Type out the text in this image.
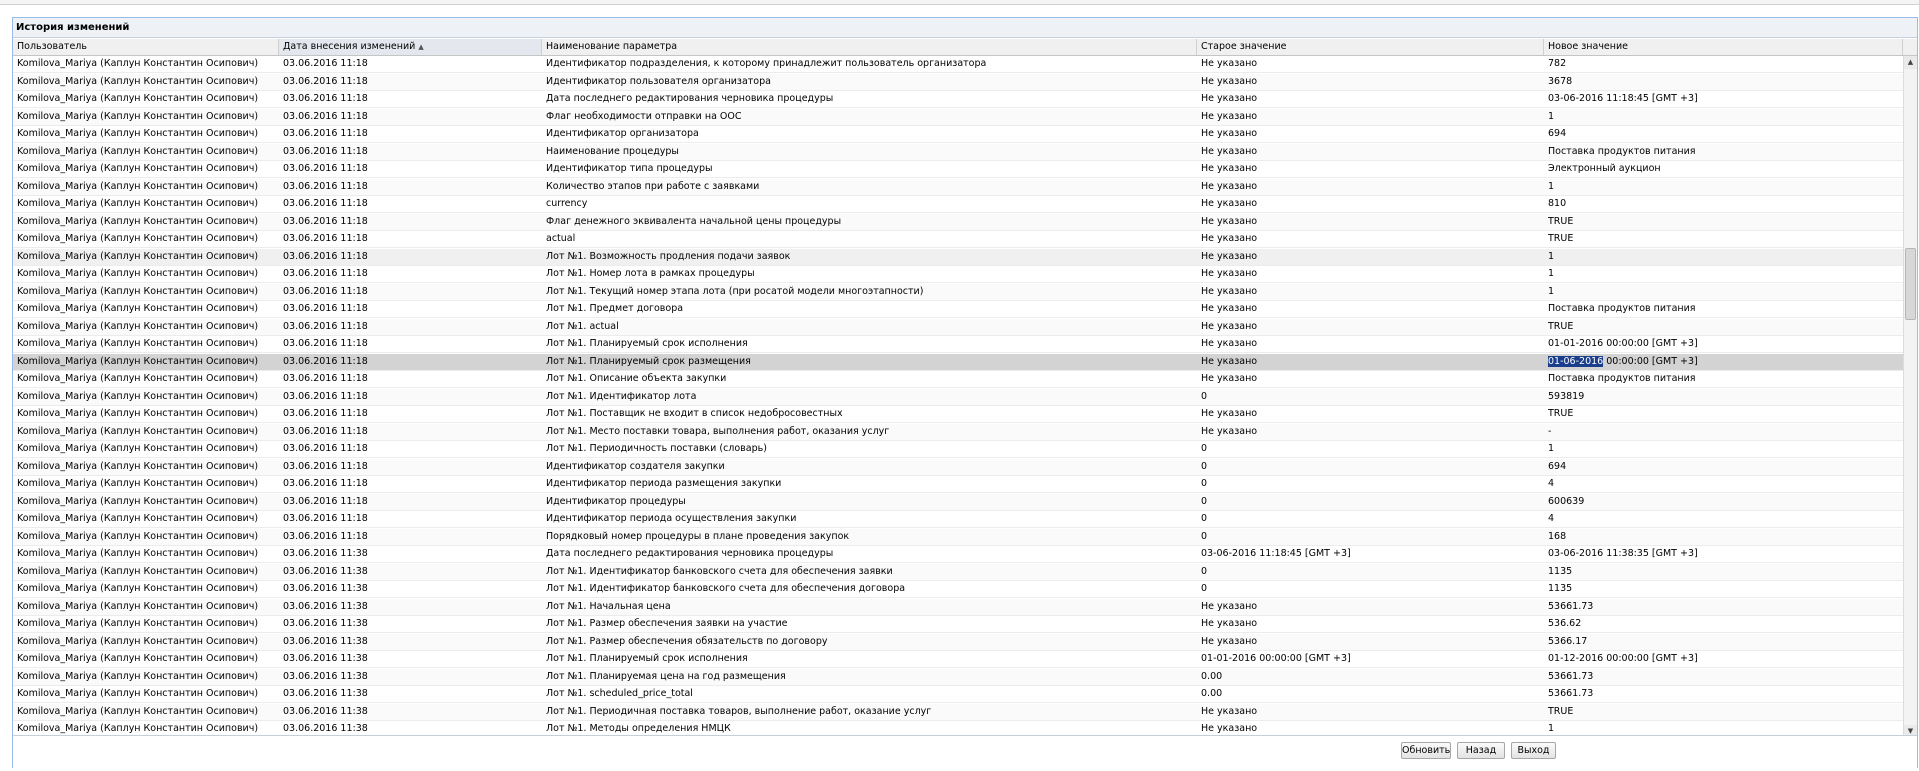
История изменений
Пользователь	Дата внесения изменений ▲	Наименование параметра	Старое значение	Новое значение
Komilova_Mariya (Каплун Константин Осипович)	03.06.2016 11:18	Идентификатор подразделения, к которому принадлежит пользователь организатора	Не указано	782
Komilova_Mariya (Каплун Константин Осипович)	03.06.2016 11:18	Идентификатор пользователя организатора	Не указано	3678
Komilova_Mariya (Каплун Константин Осипович)	03.06.2016 11:18	Дата последнего редактирования черновика процедуры	Не указано	03-06-2016 11:18:45 [GMT +3]
Komilova_Mariya (Каплун Константин Осипович)	03.06.2016 11:18	Флаг необходимости отправки на ООС	Не указано	1
Komilova_Mariya (Каплун Константин Осипович)	03.06.2016 11:18	Идентификатор организатора	Не указано	694
Komilova_Mariya (Каплун Константин Осипович)	03.06.2016 11:18	Наименование процедуры	Не указано	Поставка продуктов питания
Komilova_Mariya (Каплун Константин Осипович)	03.06.2016 11:18	Идентификатор типа процедуры	Не указано	Электронный аукцион
Komilova_Mariya (Каплун Константин Осипович)	03.06.2016 11:18	Количество этапов при работе с заявками	Не указано	1
Komilova_Mariya (Каплун Константин Осипович)	03.06.2016 11:18	currency	Не указано	810
Komilova_Mariya (Каплун Константин Осипович)	03.06.2016 11:18	Флаг денежного эквивалента начальной цены процедуры	Не указано	TRUE
Komilova_Mariya (Каплун Константин Осипович)	03.06.2016 11:18	actual	Не указано	TRUE
Komilova_Mariya (Каплун Константин Осипович)	03.06.2016 11:18	Лот №1. Возможность продления подачи заявок	Не указано	1
Komilova_Mariya (Каплун Константин Осипович)	03.06.2016 11:18	Лот №1. Номер лота в рамках процедуры	Не указано	1
Komilova_Mariya (Каплун Константин Осипович)	03.06.2016 11:18	Лот №1. Текущий номер этапа лота (при росатой модели многоэтапности)	Не указано	1
Komilova_Mariya (Каплун Константин Осипович)	03.06.2016 11:18	Лот №1. Предмет договора	Не указано	Поставка продуктов питания
Komilova_Mariya (Каплун Константин Осипович)	03.06.2016 11:18	Лот №1. actual	Не указано	TRUE
Komilova_Mariya (Каплун Константин Осипович)	03.06.2016 11:18	Лот №1. Планируемый срок исполнения	Не указано	01-01-2016 00:00:00 [GMT +3]
Komilova_Mariya (Каплун Константин Осипович)	03.06.2016 11:18	Лот №1. Планируемый срок размещения	Не указано	01-06-2016 00:00:00 [GMT +3]
Komilova_Mariya (Каплун Константин Осипович)	03.06.2016 11:18	Лот №1. Описание объекта закупки	Не указано	Поставка продуктов питания
Komilova_Mariya (Каплун Константин Осипович)	03.06.2016 11:18	Лот №1. Идентификатор лота	0	593819
Komilova_Mariya (Каплун Константин Осипович)	03.06.2016 11:18	Лот №1. Поставщик не входит в список недобросовестных	Не указано	TRUE
Komilova_Mariya (Каплун Константин Осипович)	03.06.2016 11:18	Лот №1. Место поставки товара, выполнения работ, оказания услуг	Не указано	-
Komilova_Mariya (Каплун Константин Осипович)	03.06.2016 11:18	Лот №1. Периодичность поставки (словарь)	0	1
Komilova_Mariya (Каплун Константин Осипович)	03.06.2016 11:18	Идентификатор создателя закупки	0	694
Komilova_Mariya (Каплун Константин Осипович)	03.06.2016 11:18	Идентификатор периода размещения закупки	0	4
Komilova_Mariya (Каплун Константин Осипович)	03.06.2016 11:18	Идентификатор процедуры	0	600639
Komilova_Mariya (Каплун Константин Осипович)	03.06.2016 11:18	Идентификатор периода осуществления закупки	0	4
Komilova_Mariya (Каплун Константин Осипович)	03.06.2016 11:18	Порядковый номер процедуры в плане проведения закупок	0	168
Komilova_Mariya (Каплун Константин Осипович)	03.06.2016 11:38	Дата последнего редактирования черновика процедуры	03-06-2016 11:18:45 [GMT +3]	03-06-2016 11:38:35 [GMT +3]
Komilova_Mariya (Каплун Константин Осипович)	03.06.2016 11:38	Лот №1. Идентификатор банковского счета для обеспечения заявки	0	1135
Komilova_Mariya (Каплун Константин Осипович)	03.06.2016 11:38	Лот №1. Идентификатор банковского счета для обеспечения договора	0	1135
Komilova_Mariya (Каплун Константин Осипович)	03.06.2016 11:38	Лот №1. Начальная цена	Не указано	53661.73
Komilova_Mariya (Каплун Константин Осипович)	03.06.2016 11:38	Лот №1. Размер обеспечения заявки на участие	Не указано	536.62
Komilova_Mariya (Каплун Константин Осипович)	03.06.2016 11:38	Лот №1. Размер обеспечения обязательств по договору	Не указано	5366.17
Komilova_Mariya (Каплун Константин Осипович)	03.06.2016 11:38	Лот №1. Планируемый срок исполнения	01-01-2016 00:00:00 [GMT +3]	01-12-2016 00:00:00 [GMT +3]
Komilova_Mariya (Каплун Константин Осипович)	03.06.2016 11:38	Лот №1. Планируемая цена на год размещения	0.00	53661.73
Komilova_Mariya (Каплун Константин Осипович)	03.06.2016 11:38	Лот №1. scheduled_price_total	0.00	53661.73
Komilova_Mariya (Каплун Константин Осипович)	03.06.2016 11:38	Лот №1. Периодичная поставка товаров, выполнение работ, оказание услуг	Не указано	TRUE
Komilova_Mariya (Каплун Константин Осипович)	03.06.2016 11:38	Лот №1. Методы определения НМЦК	Не указано	1
▲
▼
Обновить	Назад	Выход
